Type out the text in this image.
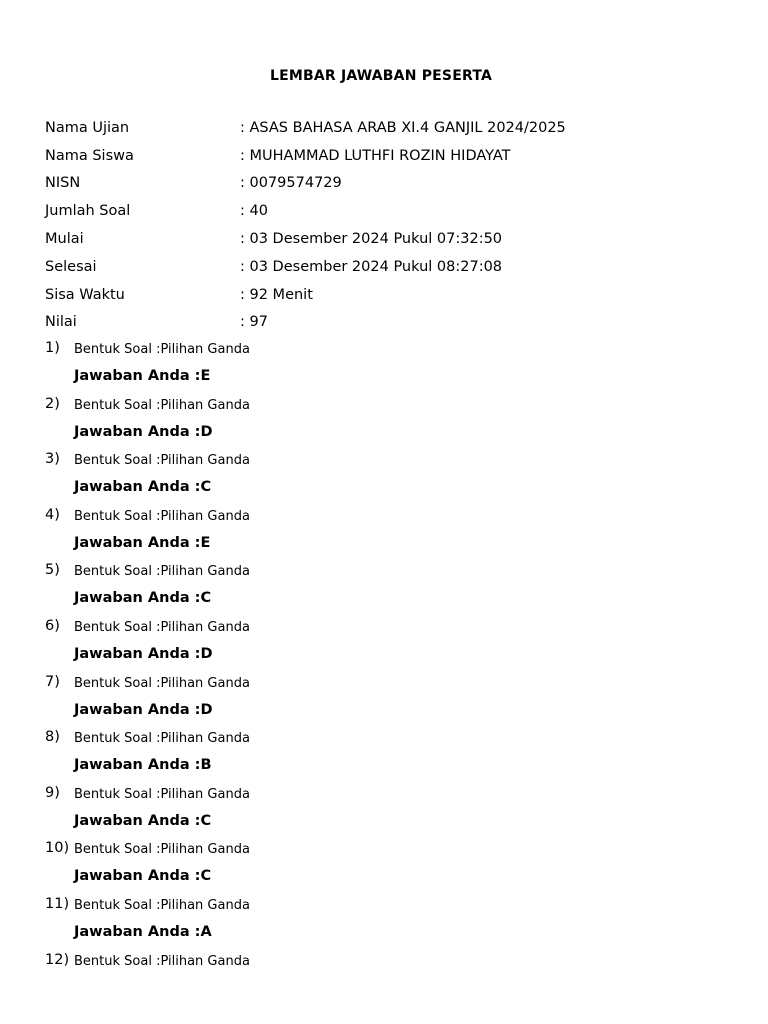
LEMBAR JAWABAN PESERTA
Nama Ujian	: ASAS BAHASA ARAB XI.4 GANJIL 2024/2025
Nama Siswa	: MUHAMMAD LUTHFI ROZIN HIDAYAT
NISN	: 0079574729
Jumlah Soal	: 40
Mulai	: 03 Desember 2024 Pukul 07:32:50
Selesai	: 03 Desember 2024 Pukul 08:27:08
Sisa Waktu	: 92 Menit
Nilai	: 97
1) Bentuk Soal :Pilihan Ganda
Jawaban Anda :E
2) Bentuk Soal :Pilihan Ganda
Jawaban Anda :D
3) Bentuk Soal :Pilihan Ganda
Jawaban Anda :C
4) Bentuk Soal :Pilihan Ganda
Jawaban Anda :E
5) Bentuk Soal :Pilihan Ganda
Jawaban Anda :C
6) Bentuk Soal :Pilihan Ganda
Jawaban Anda :D
7) Bentuk Soal :Pilihan Ganda
Jawaban Anda :D
8) Bentuk Soal :Pilihan Ganda
Jawaban Anda :B
9) Bentuk Soal :Pilihan Ganda
Jawaban Anda :C
10) Bentuk Soal :Pilihan Ganda
Jawaban Anda :C
11) Bentuk Soal :Pilihan Ganda
Jawaban Anda :A
12) Bentuk Soal :Pilihan Ganda
